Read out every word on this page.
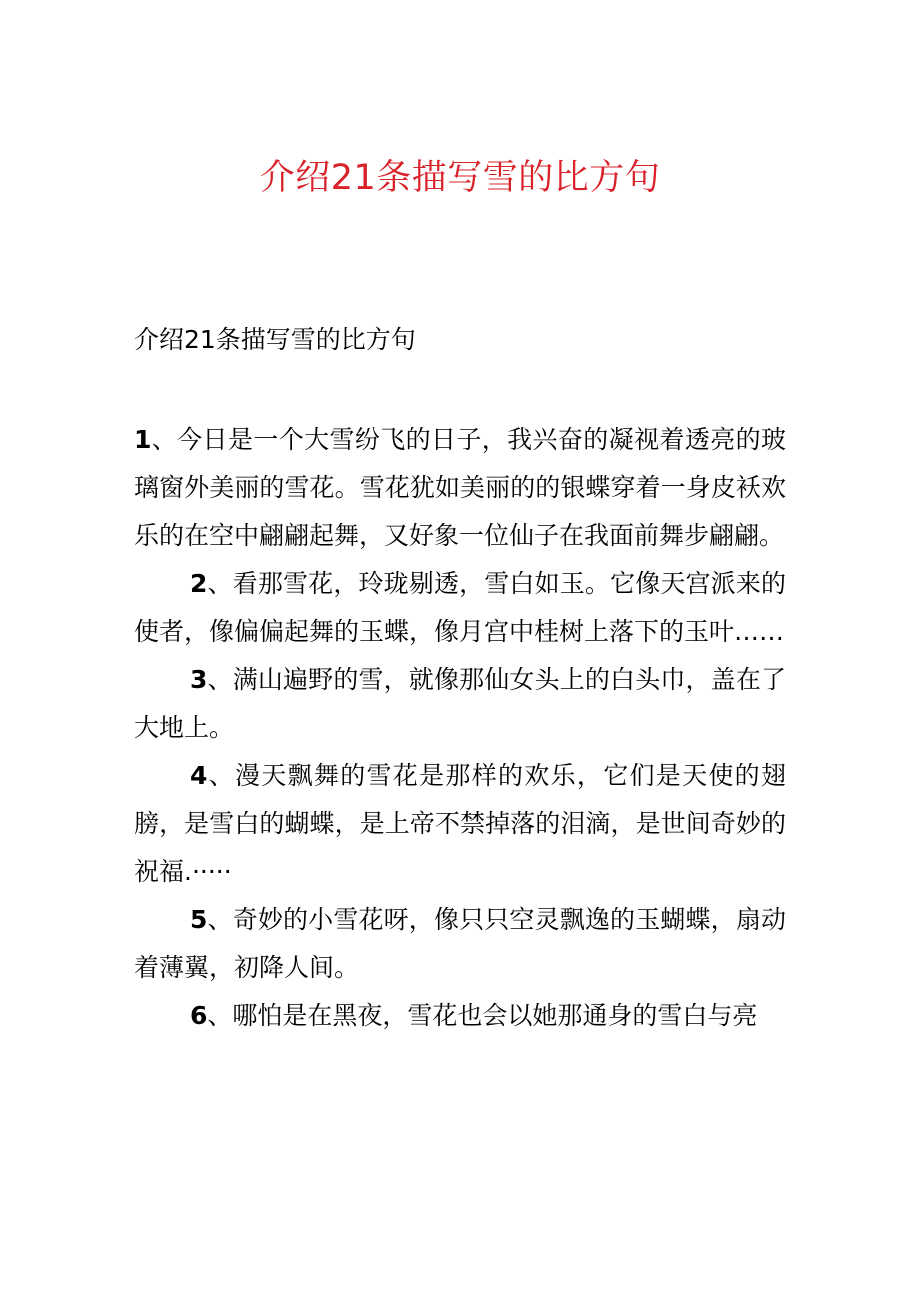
介绍21条描写雪的比方句

介绍21条描写雪的比方句

1、今日是一个大雪纷飞的日子，我兴奋的凝视着透亮的玻璃窗外美丽的雪花。雪花犹如美丽的的银蝶穿着一身皮袄欢乐的在空中翩翩起舞，又好象一位仙子在我面前舞步翩翩。

2、看那雪花，玲珑剔透，雪白如玉。它像天宫派来的使者，像偏偏起舞的玉蝶，像月宫中桂树上落下的玉叶……

3、满山遍野的雪，就像那仙女头上的白头巾，盖在了大地上。

4、漫天飘舞的雪花是那样的欢乐，它们是天使的翅膀，是雪白的蝴蝶，是上帝不禁掉落的泪滴，是世间奇妙的祝福.·····

5、奇妙的小雪花呀，像只只空灵飘逸的玉蝴蝶，扇动着薄翼，初降人间。

6、哪怕是在黑夜，雪花也会以她那通身的雪白与亮
